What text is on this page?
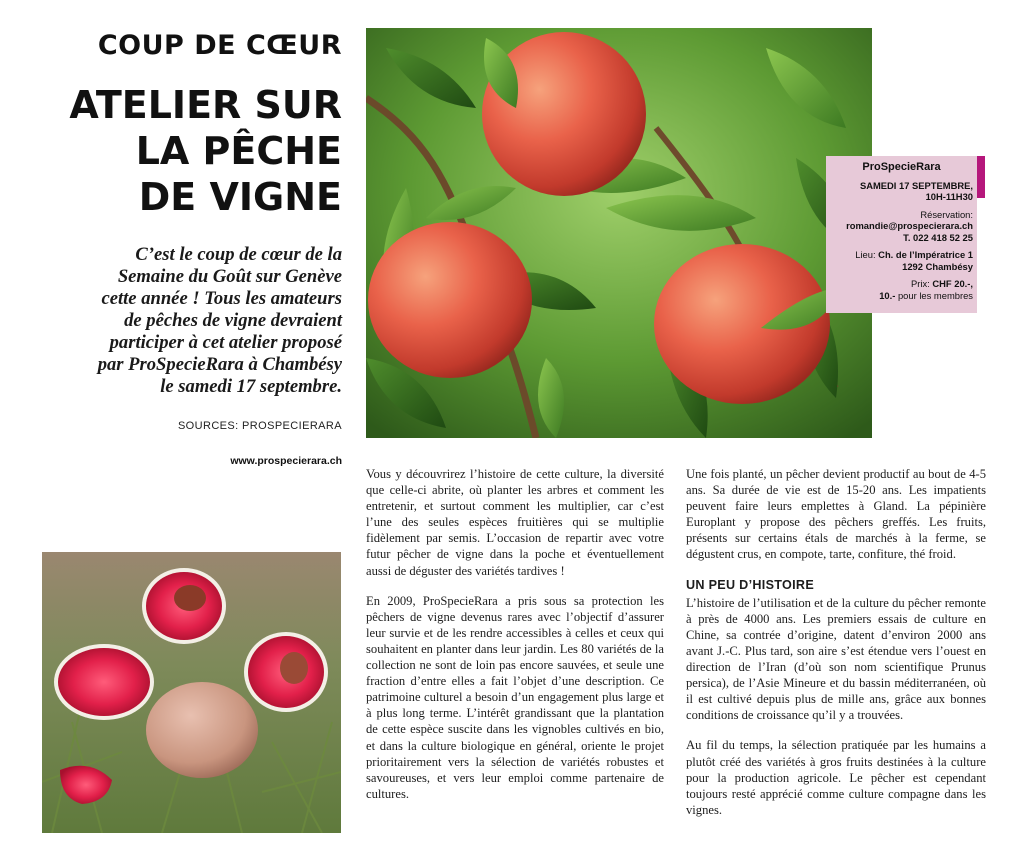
COUP DE CŒUR
ATELIER SUR
LA PÊCHE
DE VIGNE
C’est le coup de cœur de la
Semaine du Goût sur Genève
cette année ! Tous les amateurs
de pêches de vigne devraient
participer à cet atelier proposé
par ProSpecieRara à Chambésy
le samedi 17 septembre.
SOURCES: PROSPECIERARA
www.prospecierara.ch
ProSpecieRara
SAMEDI 17 SEPTEMBRE,
10H-11H30
Réservation:
romandie@prospecierara.ch
T. 022 418 52 25
Lieu: Ch. de l’Impératrice 1
1292 Chambésy
Prix: CHF 20.-,
10.- pour les membres

Vous y découvrirez l’histoire de cette culture, la diversité que celle-ci abrite, où planter les arbres et comment les entretenir, et surtout comment les multiplier, car c’est l’une des seules espèces fruitières qui se multiplie fidèlement par semis. L’occasion de repartir avec votre futur pêcher de vigne dans la poche et éventuellement aussi de déguster des variétés tardives !

En 2009, ProSpecieRara a pris sous sa protection les pêchers de vigne devenus rares avec l’objectif d’assurer leur survie et de les rendre accessibles à celles et ceux qui souhaitent en planter dans leur jardin. Les 80 variétés de la collection ne sont de loin pas encore sauvées, et seule une fraction d’entre elles a fait l’objet d’une description. Ce patrimoine culturel a besoin d’un engagement plus large et à plus long terme. L’intérêt grandissant que la plantation de cette espèce suscite dans les vignobles cultivés en bio, et dans la culture biologique en général, oriente le projet prioritairement vers la sélection de variétés robustes et savoureuses, et vers leur emploi comme partenaire de cultures.

Une fois planté, un pêcher devient productif au bout de 4-5 ans. Sa durée de vie est de 15-20 ans. Les impatients peuvent faire leurs emplettes à Gland. La pépinière Europlant y propose des pêchers greffés. Les fruits, présents sur certains étals de marchés à la ferme, se dégustent crus, en compote, tarte, confiture, thé froid.

UN PEU D’HISTOIRE

L’histoire de l’utilisation et de la culture du pêcher remonte à près de 4000 ans. Les premiers essais de culture en Chine, sa contrée d’origine, datent d’environ 2000 ans avant J.-C. Plus tard, son aire s’est étendue vers l’ouest en direction de l’Iran (d’où son nom scientifique Prunus persica), de l’Asie Mineure et du bassin méditerranéen, où il est cultivé depuis plus de mille ans, grâce aux bonnes conditions de croissance qu’il y a trouvées.

Au fil du temps, la sélection pratiquée par les humains a plutôt créé des variétés à gros fruits destinées à la culture pour la production agricole. Le pêcher est cependant toujours resté apprécié comme culture compagne dans les vignes.
